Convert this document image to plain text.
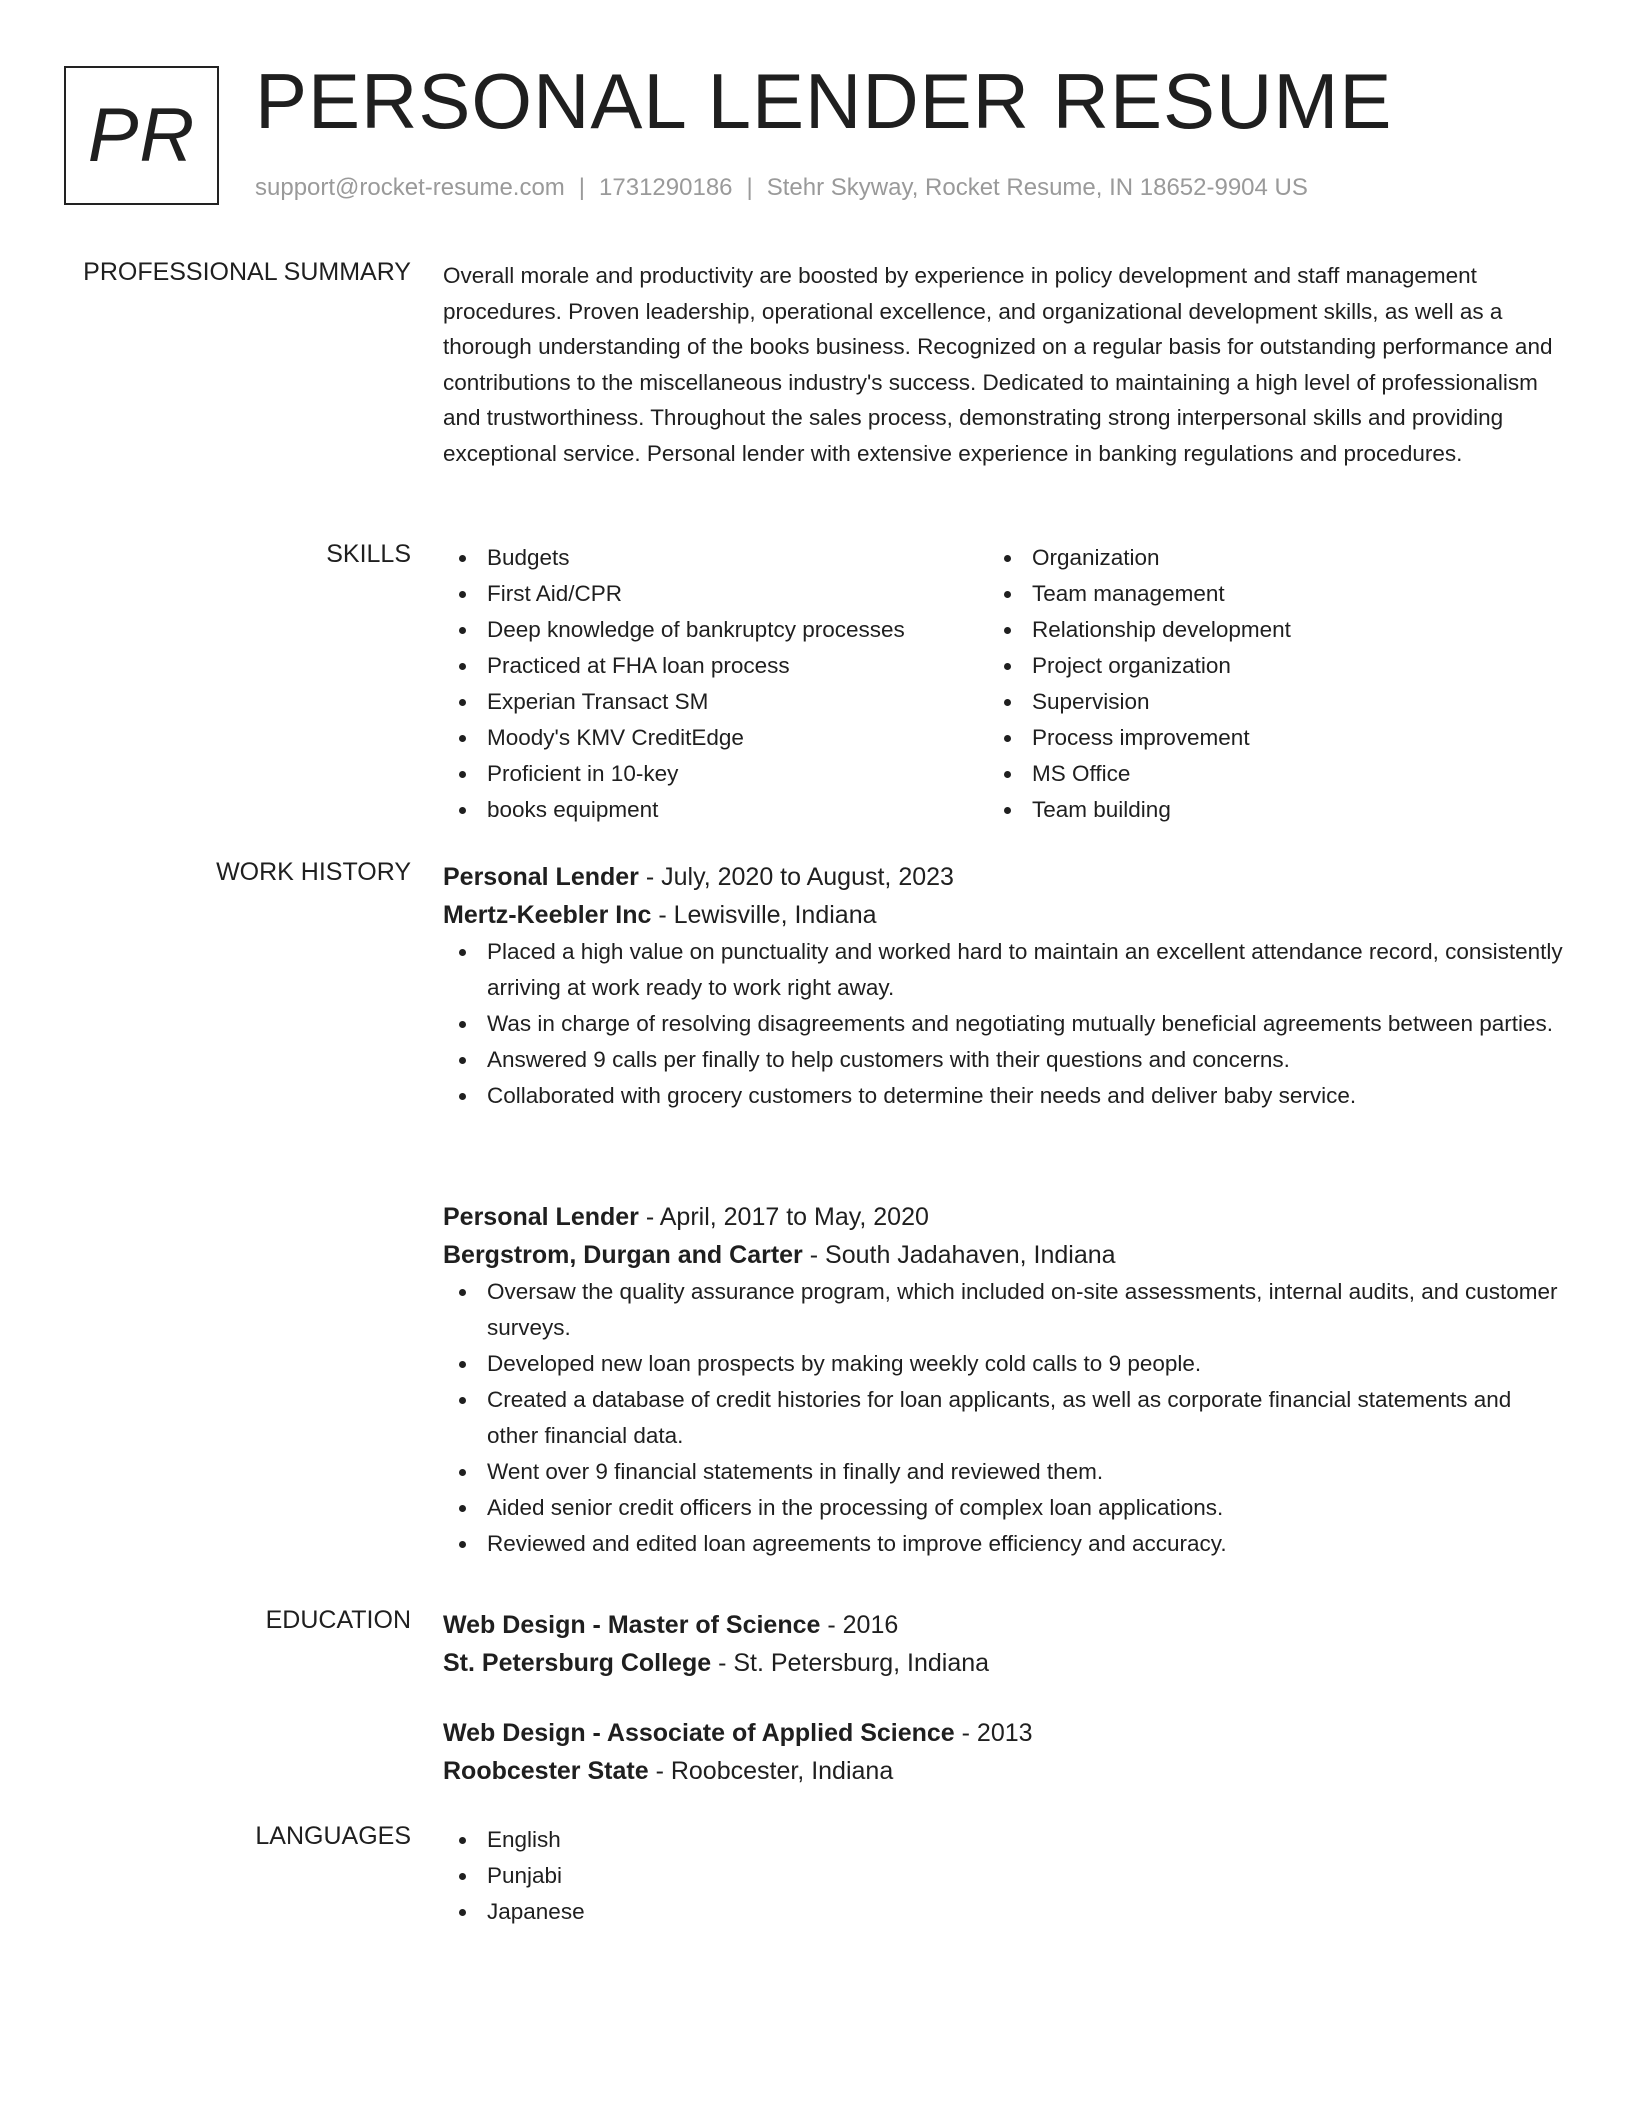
PR PERSONAL LENDER RESUME
support@rocket-resume.com | 1731290186 | Stehr Skyway, Rocket Resume, IN 18652-9904 US
PROFESSIONAL SUMMARY Overall morale and productivity are boosted by experience in policy development and staff management procedures. Proven leadership, operational excellence, and organizational development skills, as well as a thorough understanding of the books business. Recognized on a regular basis for outstanding performance and contributions to the miscellaneous industry's success. Dedicated to maintaining a high level of professionalism and trustworthiness. Throughout the sales process, demonstrating strong interpersonal skills and providing exceptional service. Personal lender with extensive experience in banking regulations and procedures.

SKILLS	Budgets
First Aid/CPR
Deep knowledge of bankruptcy processes
Practiced at FHA loan process
Experian Transact SM
Moody's KMV CreditEdge
Proficient in 10-key
books equipment
Organization
Team management
Relationship development
Project organization
Supervision
Process improvement
MS Office
Team building
WORK HISTORY Personal Lender - July, 2020 to August, 2023
Mertz-Keebler Inc - Lewisville, Indiana
Placed a high value on punctuality and worked hard to maintain an excellent attendance record, consistently arriving at work ready to work right away.
Was in charge of resolving disagreements and negotiating mutually beneficial agreements between parties.
Answered 9 calls per finally to help customers with their questions and concerns.
Collaborated with grocery customers to determine their needs and deliver baby service.
Personal Lender - April, 2017 to May, 2020
Bergstrom, Durgan and Carter - South Jadahaven, Indiana
Oversaw the quality assurance program, which included on-site assessments, internal audits, and customer surveys.
Developed new loan prospects by making weekly cold calls to 9 people.
Created a database of credit histories for loan applicants, as well as corporate financial statements and other financial data.
Went over 9 financial statements in finally and reviewed them.
Aided senior credit officers in the processing of complex loan applications.
Reviewed and edited loan agreements to improve efficiency and accuracy.
EDUCATION Web Design - Master of Science - 2016
St. Petersburg College - St. Petersburg, Indiana
Web Design - Associate of Applied Science - 2013
Roobcester State - Roobcester, Indiana
LANGUAGES	English
Punjabi
Japanese
